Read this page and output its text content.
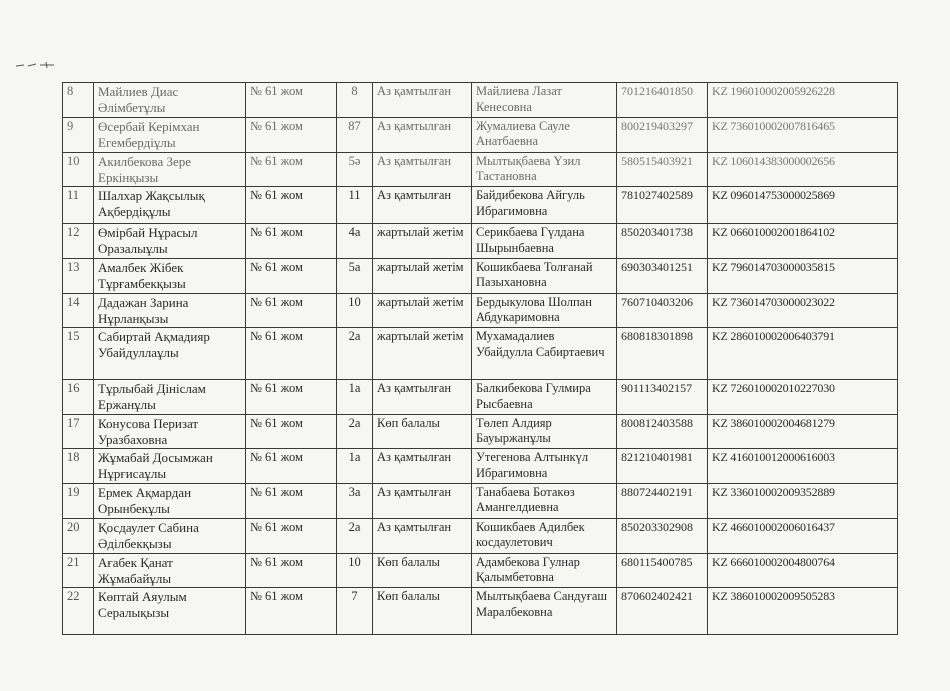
8	Майлиев Диас Әлімбетұлы	№ 61 жом	8	Аз қамтылған	Майлиева Лазат Кенесовна	701216401850	KZ 196010002005926228
9	Өсербай Керімхан Егембердіұлы	№ 61 жом	87	Аз қамтылған	Жумалиева Сауле Анатбаевна	800219403297	KZ 736010002007816465
10	Акилбекова Зере Еркінқызы	№ 61 жом	5ә	Аз қамтылған	Мылтықбаева Үзил Тастановна	580515403921	KZ 106014383000002656
11	Шалхар Жақсылық Ақбердіқұлы	№ 61 жом	11	Аз қамтылған	Байдибекова Айгуль Ибрагимовна	781027402589	KZ 096014753000025869
12	Өмірбай Нұрасыл Оразалыұлы	№ 61 жом	4а	жартылай жетім	Серикбаева Гүлдана Шырынбаевна	850203401738	KZ 066010002001864102
13	Амалбек Жібек Тұрғамбекқызы	№ 61 жом	5а	жартылай жетім	Кошикбаева Толғанай Пазыхановна	690303401251	KZ 796014703000035815
14	Дадажан Зарина Нұрланқызы	№ 61 жом	10	жартылай жетім	Бердыкулова Шолпан Абдукаримовна	760710403206	KZ 736014703000023022
15	Сабиртай Ақмадияр Убайдуллаұлы	№ 61 жом	2а	жартылай жетім	Мухамадалиев Убайдулла Сабиртаевич	680818301898	KZ 286010002006403791
16	Тұрлыбай Дініслам Ержанұлы	№ 61 жом	1а	Аз қамтылған	Балкибекова Гулмира Рысбаевна	901113402157	KZ 726010002010227030
17	Конусова Перизат Уразбаховна	№ 61 жом	2а	Көп балалы	Төлеп Алдияр Бауыржанұлы	800812403588	KZ 386010002004681279
18	Жұмабай Досымжан Нұрғисаұлы	№ 61 жом	1а	Аз қамтылған	Утегенова Алтынкүл Ибрагимовна	821210401981	KZ 416010012000616003
19	Ермек Ақмардан Орынбекұлы	№ 61 жом	3а	Аз қамтылған	Танабаева Ботакөз Амангелдиевна	880724402191	KZ 336010002009352889
20	Қосдаулет Сабина Әділбекқызы	№ 61 жом	2а	Аз қамтылған	Кошикбаев Адилбек косдаулетович	850203302908	KZ 466010002006016437
21	Ағабек Қанат Жұмабайұлы	№ 61 жом	10	Көп балалы	Адамбекова Гулнар Қалымбетовна	680115400785	KZ 666010002004800764
22	Көптай Аяулым Сералықызы	№ 61 жом	7	Көп балалы	Мылтықбаева Сандуғаш Маралбековна	870602402421	KZ 386010002009505283
